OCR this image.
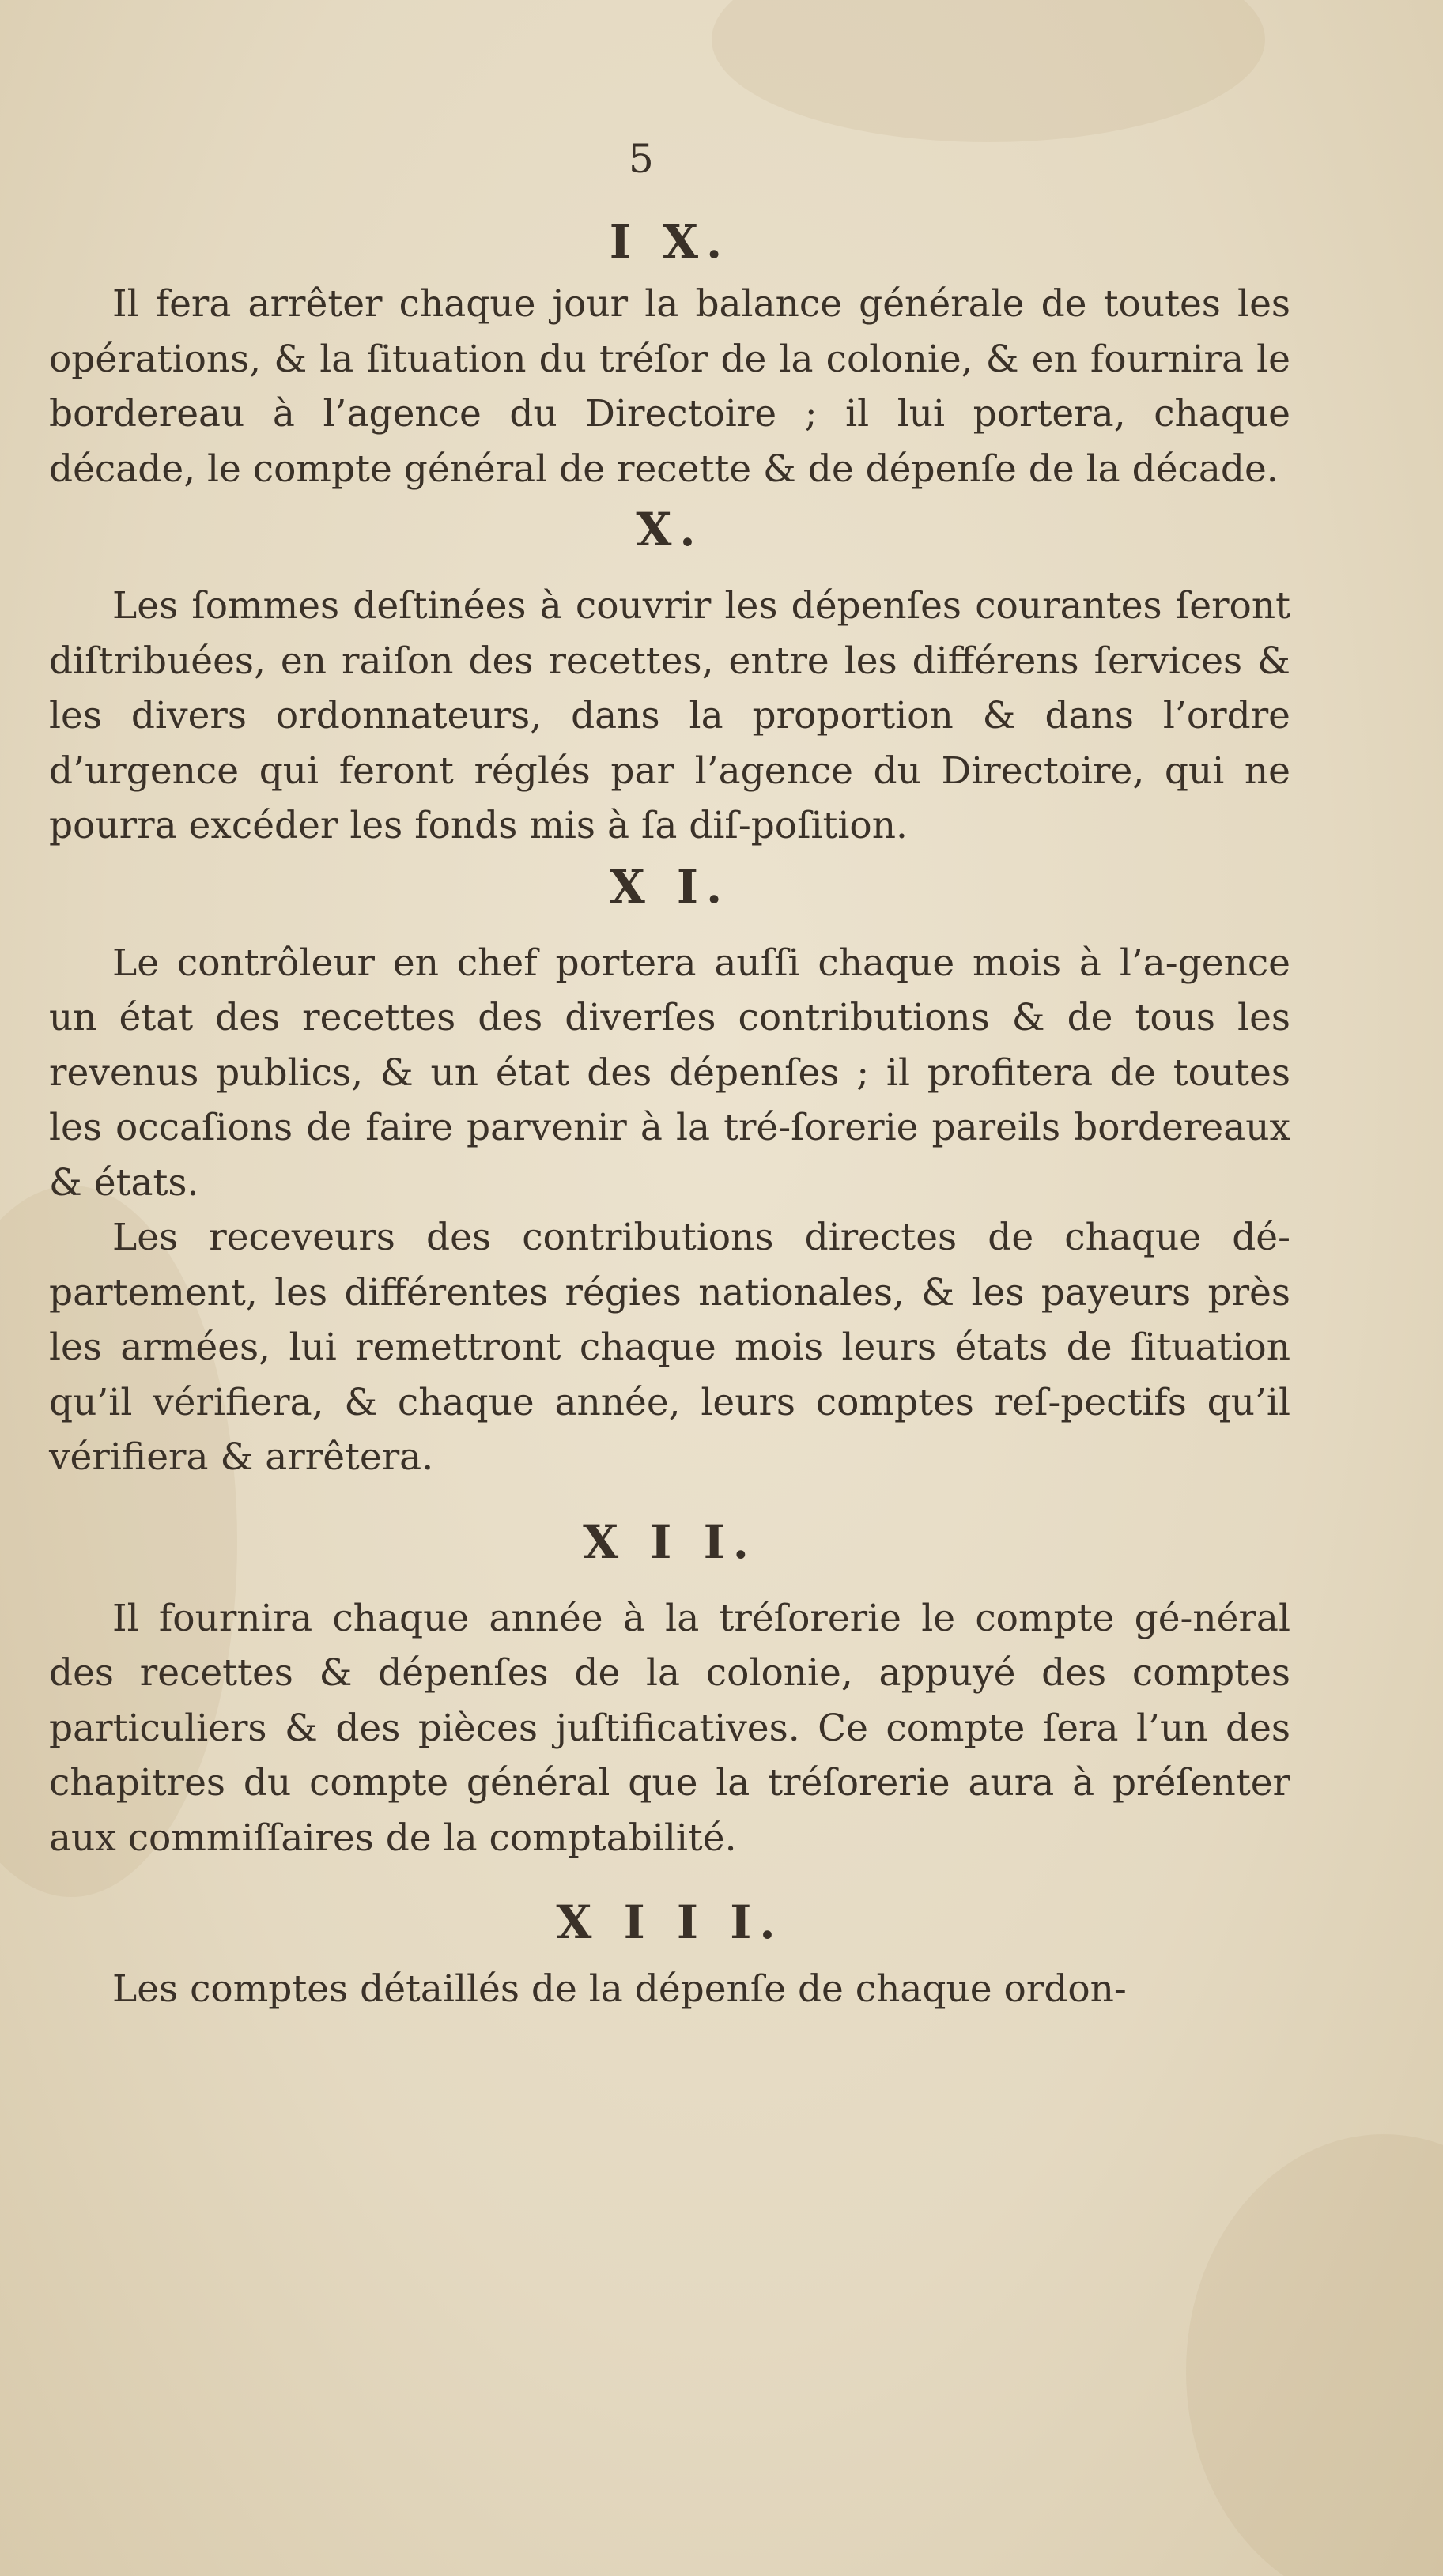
5
I X.

Il fera arrêter chaque jour la balance générale de toutes les opérations, & la ſituation du tréſor de la colonie, & en fournira le bordereau à l’agence du Directoire ; il lui portera, chaque décade, le compte général de recette & de dépenſe de la décade.

X.

Les ſommes deſtinées à couvrir les dépenſes courantes ſeront diſtribuées, en raiſon des recettes, entre les différens ſervices & les divers ordonnateurs, dans la proportion & dans l’ordre d’urgence qui feront réglés par l’agence du Directoire, qui ne pourra excéder les fonds mis à ſa diſ-poſition.

X I.

Le contrôleur en chef portera auſſi chaque mois à l’a-gence un état des recettes des diverſes contributions & de tous les revenus publics, & un état des dépenſes ; il profitera de toutes les occaſions de faire parvenir à la tré-ſorerie pareils bordereaux & états.

Les receveurs des contributions directes de chaque dé-partement, les différentes régies nationales, & les payeurs près les armées, lui remettront chaque mois leurs états de ſituation qu’il vérifiera, & chaque année, leurs comptes reſ-pectifs qu’il vérifiera & arrêtera.

X I I.

Il fournira chaque année à la tréſorerie le compte gé-néral des recettes & dépenſes de la colonie, appuyé des comptes particuliers & des pièces juſtificatives. Ce compte ſera l’un des chapitres du compte général que la tréſorerie aura à préſenter aux commiſſaires de la comptabilité.

X I I I.
Les comptes détaillés de la dépenſe de chaque ordon-
